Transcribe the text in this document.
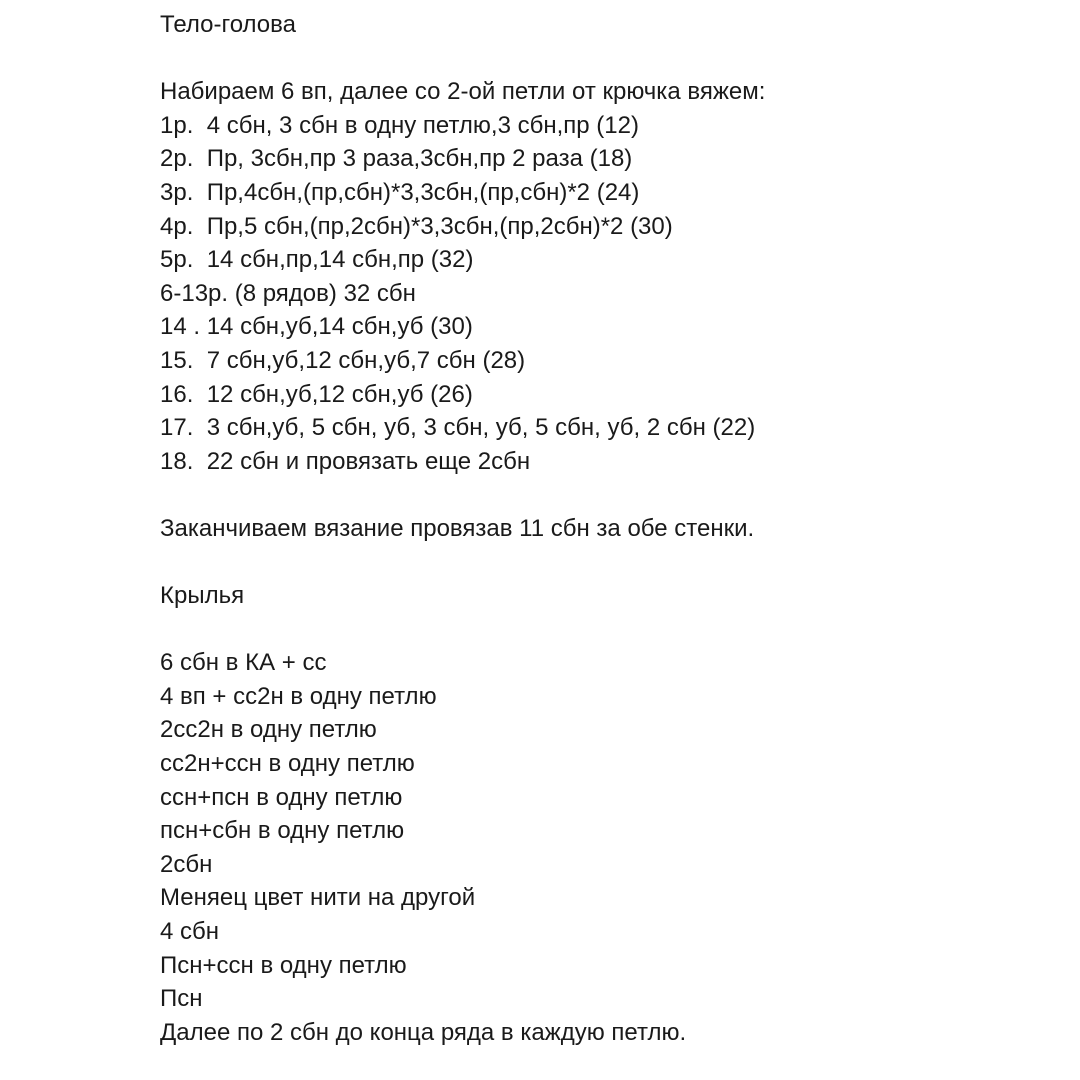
Тело-голова
Набираем 6 вп, далее со 2-ой петли от крючка вяжем:
1р.  4 сбн, 3 сбн в одну петлю,3 сбн,пр (12)
2р.  Пр, 3сбн,пр 3 раза,3сбн,пр 2 раза (18)
3р.  Пр,4сбн,(пр,сбн)*3,3сбн,(пр,сбн)*2 (24)
4р.  Пр,5 сбн,(пр,2сбн)*3,3сбн,(пр,2сбн)*2 (30)
5р.  14 сбн,пр,14 сбн,пр (32)
6-13р. (8 рядов) 32 сбн
14 . 14 сбн,уб,14 сбн,уб (30)
15.  7 сбн,уб,12 сбн,уб,7 сбн (28)
16.  12 сбн,уб,12 сбн,уб (26)
17.  3 сбн,уб, 5 сбн, уб, 3 сбн, уб, 5 сбн, уб, 2 сбн (22)
18.  22 сбн и провязать еще 2сбн
Заканчиваем вязание провязав 11 сбн за обе стенки.
Крылья
6 сбн в КА + сс
4 вп + сс2н в одну петлю
2сс2н в одну петлю
сс2н+ссн в одну петлю
ссн+псн в одну петлю
псн+сбн в одну петлю
2сбн
Меняец цвет нити на другой
4 сбн
Псн+ссн в одну петлю
Псн
Далее по 2 сбн до конца ряда в каждую петлю.
